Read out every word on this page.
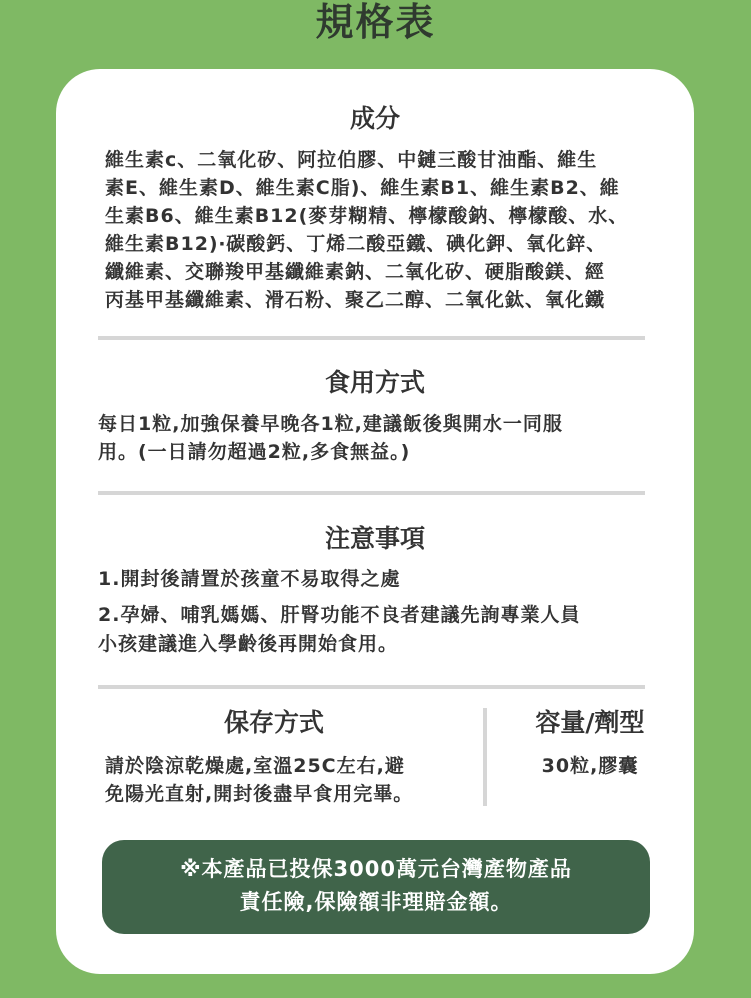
規格表
成分
維生素c、二氧化矽、阿拉伯膠、中鏈三酸甘油酯、維生
素E、維生素D、維生素C脂)、維生素B1、維生素B2、維
生素B6、維生素B12(麥芽糊精、檸檬酸鈉、檸檬酸、水、
維生素B12)‧碳酸鈣、丁烯二酸亞鐵、碘化鉀、氧化鋅、
纖維素、交聯羧甲基纖維素鈉、二氧化矽、硬脂酸鎂、經
丙基甲基纖維素、滑石粉、聚乙二醇、二氧化鈦、氧化鐵
食用方式
每日1粒,加強保養早晚各1粒,建議飯後與開水一同服
用。(一日請勿超過2粒,多食無益。)
注意事項
1.開封後請置於孩童不易取得之處
2.孕婦、哺乳媽媽、肝腎功能不良者建議先詢專業人員
小孩建議進入學齡後再開始食用。
保存方式
請於陰涼乾燥處,室溫25C左右,避
免陽光直射,開封後盡早食用完畢。
容量/劑型
30粒,膠囊
※本產品已投保3000萬元台灣產物產品
責任險,保險額非理賠金額。
